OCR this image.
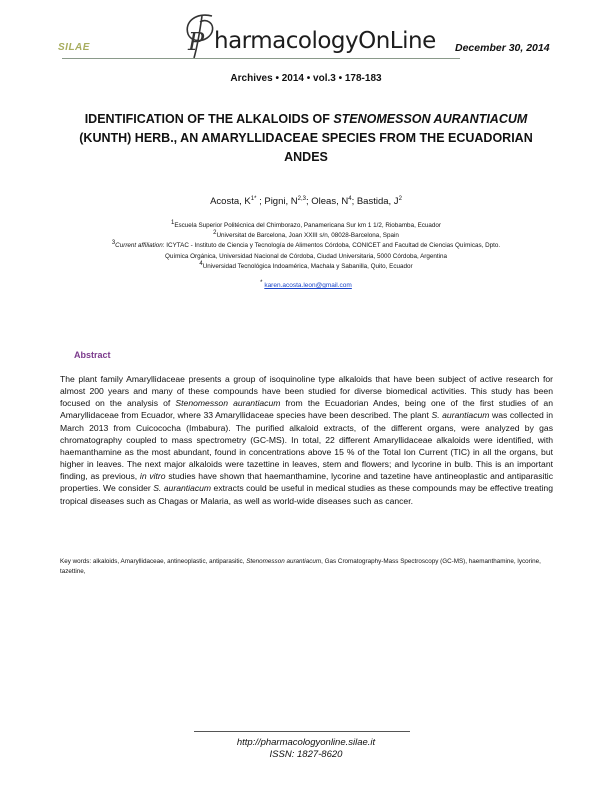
SILAE	P harmacologyOnLine December 30, 2014
Archives • 2014 • vol.3 • 178-183
IDENTIFICATION OF THE ALKALOIDS OF STENOMESSON AURANTIACUM (KUNTH) HERB., AN AMARYLLIDACEAE SPECIES FROM THE ECUADORIAN ANDES
Acosta, $K^{1*}$ ; Pigni, N$^{2,3}$; Oleas, $N^4$; Bastida, $J^2$
$^1$Escuela Superior Politécnica del Chimborazo, Panamericana Sur km 1 1/2, Riobamba, Ecuador
$^2$Universitat de Barcelona, Joan XXIII s/n, 08028-Barcelona, Spain
$^3$Current affiliation: ICYTAC - Instituto de Ciencia y Tecnología de Alimentos Córdoba, CONICET and Facultad de Ciencias Químicas, Dpto.
Química Orgánica, Universidad Nacional de Córdoba, Ciudad Universitaria, 5000 Córdoba, Argentina
$^4$Universidad Tecnológica Indoamérica, Machala y Sabanilla, Quito, Ecuador
* karen.acosta.leon@gmail.com
Abstract
The plant family Amaryllidaceae presents a group of isoquinoline type alkaloids that have been subject of active research for almost 200 years and many of these compounds have been studied for diverse biomedical activities. This study has been focused on the analysis of Stenomesson aurantiacum from the Ecuadorian Andes, being one of the first studies of an Amaryllidaceae from Ecuador, where 33 Amaryllidaceae species have been described. The plant S. aurantiacum was collected in March 2013 from Cuicococha (Imbabura). The purified alkaloid extracts, of the different organs, were analyzed by gas chromatography coupled to mass spectrometry (GC-MS). In total, 22 different Amaryllidaceae alkaloids were identified, with haemanthamine as the most abundant, found in concentrations above 15 % of the Total Ion Current (TIC) in all the organs, but higher in leaves. The next major alkaloids were tazettine in leaves, stem and flowers; and lycorine in bulb. This is an important finding, as previous, in vitro studies have shown that haemanthamine, lycorine and tazetine have antineoplastic and antiparasitic properties. We consider S. aurantiacum extracts could be useful in medical studies as these compounds may be effective treating tropical diseases such as Chagas or Malaria, as well as world-wide diseases such as cancer.
Key words: alkaloids, Amaryllidaceae, antineoplastic, antiparasitic, Stenomesson aurantiacum, Gas Cromatography-Mass Spectroscopy (GC-MS), haemanthamine, lycorine, tazettine,
http://pharmacologyonline.silae.it
ISSN: 1827-8620
